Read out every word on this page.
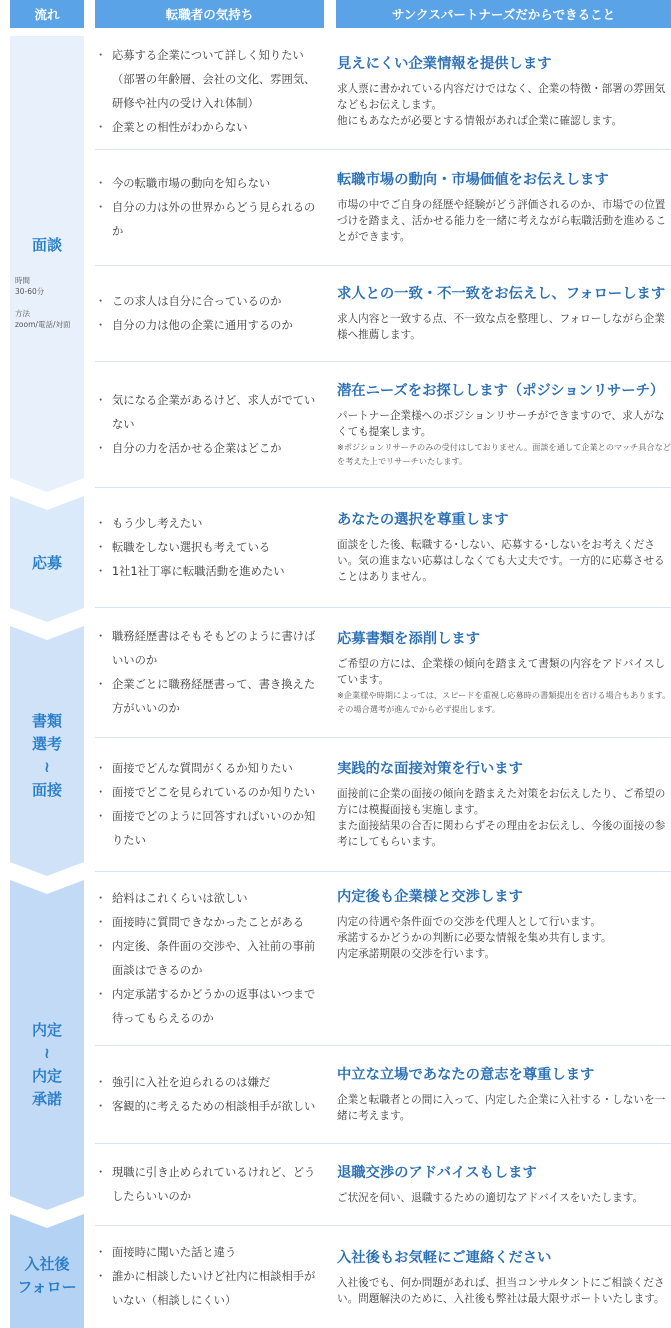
流れ	転職者の気持ち	サンクスパートナーズだからできること
面談
時間
30-60分

方法
zoom/電話/対面
応募
書類
選考
≀
面接
内定
≀
内定
承諾
入社後
フォロー
・ 応募する企業について詳しく知りたい（部署の年齢層、会社の文化、雰囲気、研修や社内の受け入れ体制）
・ 企業との相性がわからない
見えにくい企業情報を提供します
求人票に書かれている内容だけではなく、企業の特徴・部署の雰囲気などもお伝えします。
他にもあなたが必要とする情報があれば企業に確認します。
・ 今の転職市場の動向を知らない
・ 自分の力は外の世界からどう見られるのか
転職市場の動向・市場価値をお伝えします
市場の中でご自身の経歴や経験がどう評価されるのか、市場での位置づけを踏まえ、活かせる能力を一緒に考えながら転職活動を進めることができます。
・ この求人は自分に合っているのか
・ 自分の力は他の企業に通用するのか
求人との一致・不一致をお伝えし、フォローします
求人内容と一致する点、不一致な点を整理し、フォローしながら企業様へ推薦します。
・ 気になる企業があるけど、求人がでていない
・ 自分の力を活かせる企業はどこか
潜在ニーズをお探しします（ポジションリサーチ）
パートナー企業様へのポジションリサーチができますので、求人がなくても提案します。
※ポジションリサーチのみの受付はしておりません。面談を通して企業とのマッチ具合などを考えた上でリサーチいたします。
・ もう少し考えたい
・ 転職をしない選択も考えている
・ 1社1社丁寧に転職活動を進めたい
あなたの選択を尊重します
面談をした後、転職する･しない、応募する･しないをお考えください。気の進まない応募はしなくても大丈夫です。一方的に応募させることはありません。
・ 職務経歴書はそもそもどのように書けばいいのか
・ 企業ごとに職務経歴書って、書き換えた方がいいのか
応募書類を添削します
ご希望の方には、企業様の傾向を踏まえて書類の内容をアドバイスしています。
※企業様や時期によっては、スピードを重視し応募時の書類提出を省ける場合もあります。その場合選考が進んでから必ず提出します。
・ 面接でどんな質問がくるか知りたい
・ 面接でどこを見られているのか知りたい
・ 面接でどのように回答すればいいのか知りたい
実践的な面接対策を行います
面接前に企業の面接の傾向を踏まえた対策をお伝えしたり、ご希望の方には模擬面接も実施します。
また面接結果の合否に関わらずその理由をお伝えし、今後の面接の参考にしてもらいます。
・ 給料はこれくらいは欲しい
・ 面接時に質問できなかったことがある
・ 内定後、条件面の交渉や、入社前の事前面談はできるのか
・ 内定承諾するかどうかの返事はいつまで待ってもらえるのか
内定後も企業様と交渉します
内定の待遇や条件面での交渉を代理人として行います。
承諾するかどうかの判断に必要な情報を集め共有します。
内定承諾期限の交渉を行います。
・ 強引に入社を迫られるのは嫌だ
・ 客観的に考えるための相談相手が欲しい
中立な立場であなたの意志を尊重します
企業と転職者との間に入って、内定した企業に入社する・しないを一緒に考えます。
・ 現職に引き止められているけれど、どうしたらいいのか
退職交渉のアドバイスもします
ご状況を伺い、退職するための適切なアドバイスをいたします。
・ 面接時に聞いた話と違う
・ 誰かに相談したいけど社内に相談相手がいない（相談しにくい）
入社後もお気軽にご連絡ください
入社後でも、何か問題があれば、担当コンサルタントにご相談ください。問題解決のために、入社後も弊社は最大限サポートいたします。
